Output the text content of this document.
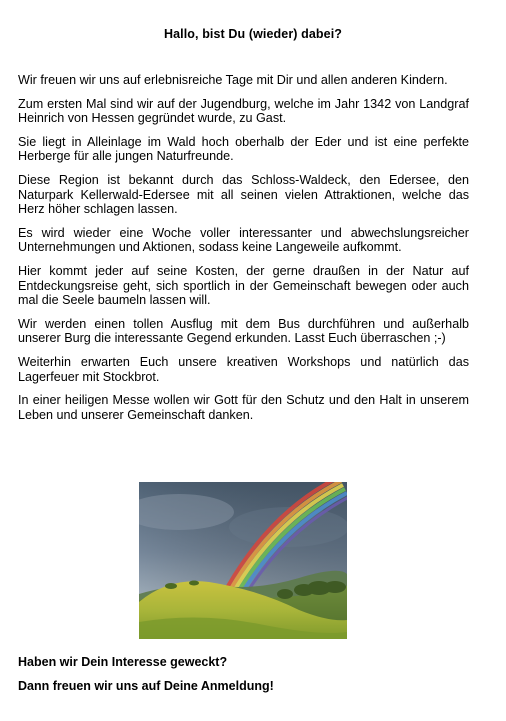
Hallo, bist Du (wieder) dabei?

Wir freuen wir uns auf erlebnisreiche Tage mit Dir und allen anderen Kindern.

Zum ersten Mal sind wir auf der Jugendburg, welche im Jahr 1342 von Landgraf Heinrich von Hessen gegründet wurde, zu Gast.

Sie liegt in Alleinlage im Wald hoch oberhalb der Eder und ist eine perfekte Herberge für alle jungen Naturfreunde.

Diese Region ist bekannt durch das Schloss-Waldeck, den Edersee, den Naturpark Kellerwald-Edersee mit all seinen vielen Attraktionen, welche das Herz höher schlagen lassen.

Es wird wieder eine Woche voller interessanter und abwechslungsreicher Unternehmungen und Aktionen, sodass keine Langeweile aufkommt.

Hier kommt jeder auf seine Kosten, der gerne draußen in der Natur auf Entdeckungsreise geht, sich sportlich in der Gemeinschaft bewegen oder auch mal die Seele baumeln lassen will.

Wir werden einen tollen Ausflug mit dem Bus durchführen und außerhalb unserer Burg die interessante Gegend erkunden. Lasst Euch überraschen ;-)

Weiterhin erwarten Euch unsere kreativen Workshops und natürlich das Lagerfeuer mit Stockbrot.

In einer heiligen Messe wollen wir Gott für den Schutz und den Halt in unserem Leben und unserer Gemeinschaft danken.

Haben wir Dein Interesse geweckt?
Dann freuen wir uns auf Deine Anmeldung!
